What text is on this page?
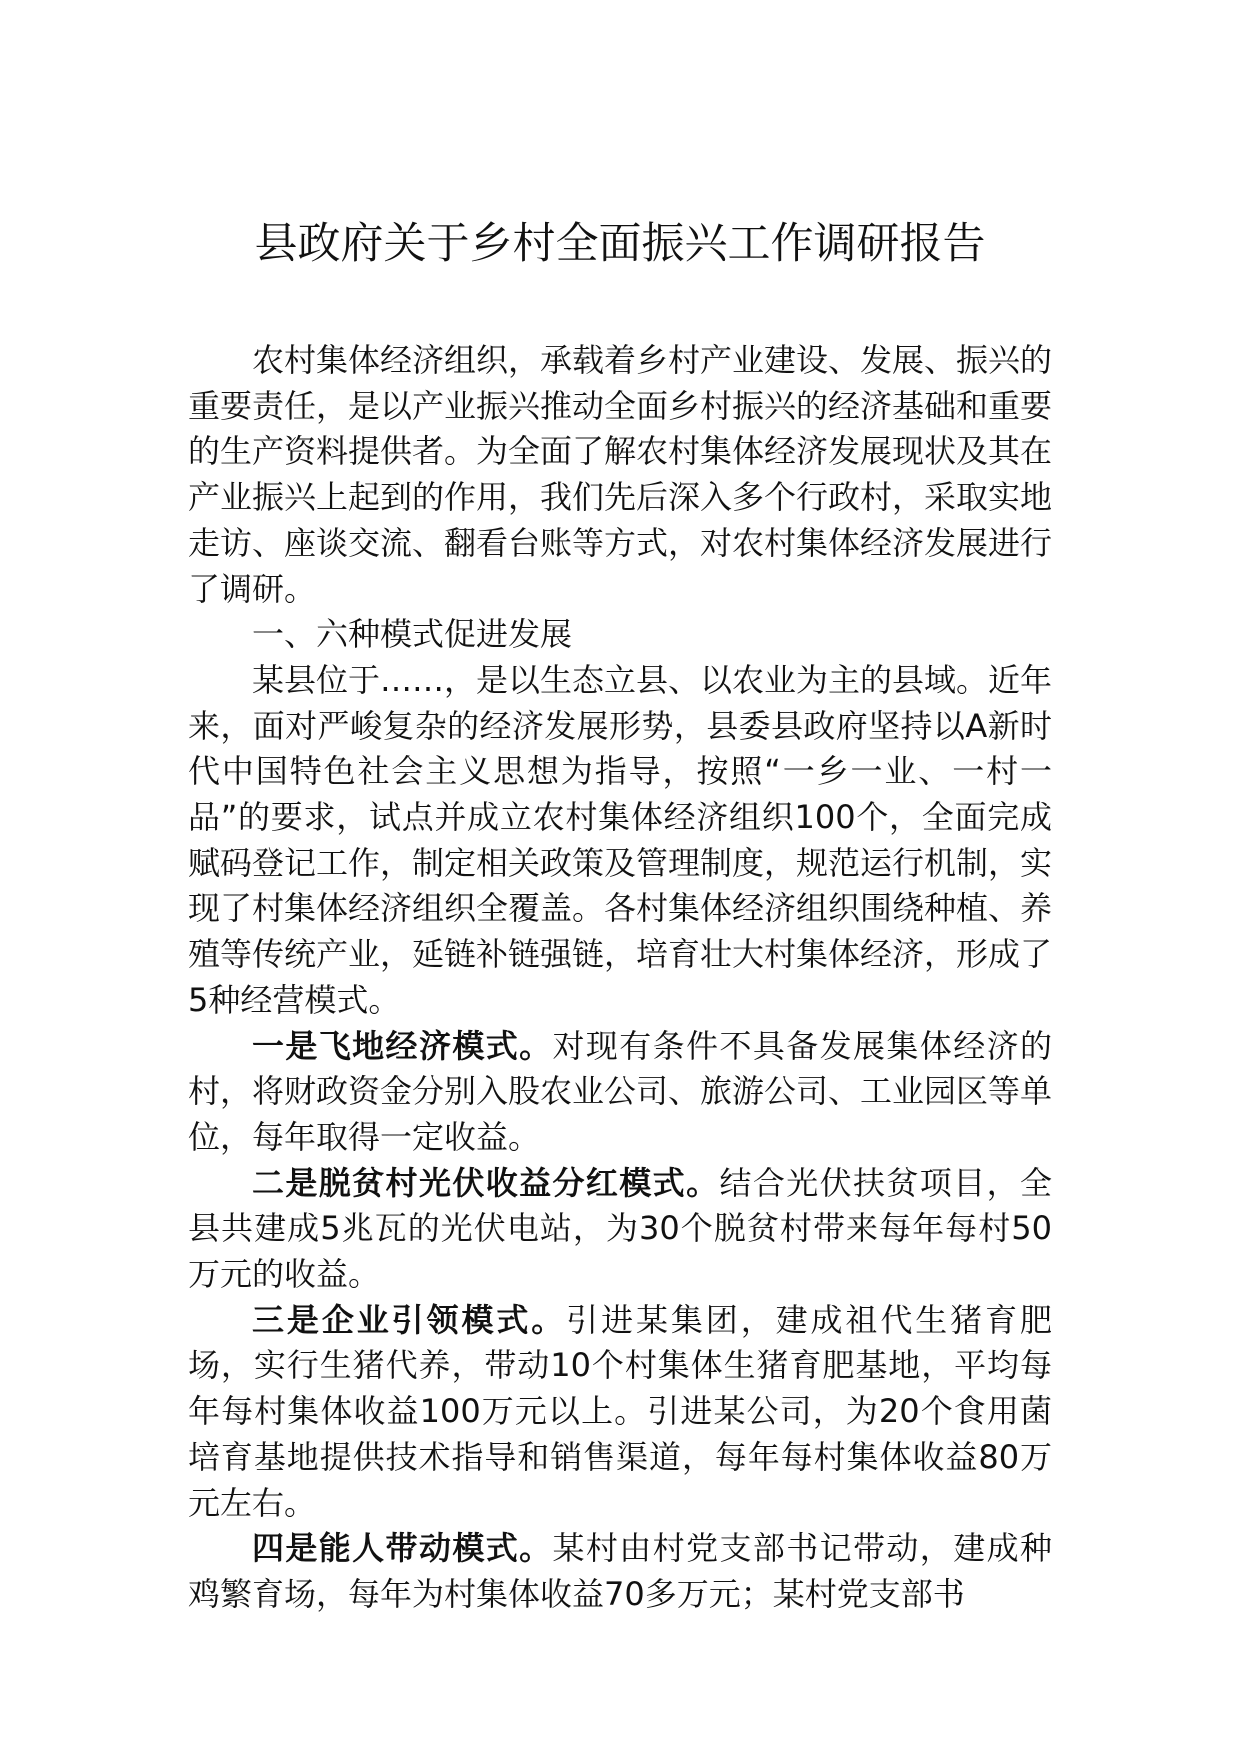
县政府关于乡村全面振兴工作调研报告

农村集体经济组织，承载着乡村产业建设、发展、振兴的重要责任，是以产业振兴推动全面乡村振兴的经济基础和重要的生产资料提供者。为全面了解农村集体经济发展现状及其在产业振兴上起到的作用，我们先后深入多个行政村，采取实地走访、座谈交流、翻看台账等方式，对农村集体经济发展进行了调研。

一、六种模式促进发展

某县位于……，是以生态立县、以农业为主的县域。近年来，面对严峻复杂的经济发展形势，县委县政府坚持以A新时代中国特色社会主义思想为指导，按照“一乡一业、一村一品”的要求，试点并成立农村集体经济组织100个，全面完成赋码登记工作，制定相关政策及管理制度，规范运行机制，实现了村集体经济组织全覆盖。各村集体经济组织围绕种植、养殖等传统产业，延链补链强链，培育壮大村集体经济，形成了5种经营模式。

一是飞地经济模式。对现有条件不具备发展集体经济的村，将财政资金分别入股农业公司、旅游公司、工业园区等单位，每年取得一定收益。

二是脱贫村光伏收益分红模式。结合光伏扶贫项目，全县共建成5兆瓦的光伏电站，为30个脱贫村带来每年每村50万元的收益。

三是企业引领模式。引进某集团，建成祖代生猪育肥场，实行生猪代养，带动10个村集体生猪育肥基地，平均每年每村集体收益100万元以上。引进某公司，为20个食用菌培育基地提供技术指导和销售渠道，每年每村集体收益80万元左右。

四是能人带动模式。某村由村党支部书记带动，建成种鸡繁育场，每年为村集体收益70多万元；某村党支部书
